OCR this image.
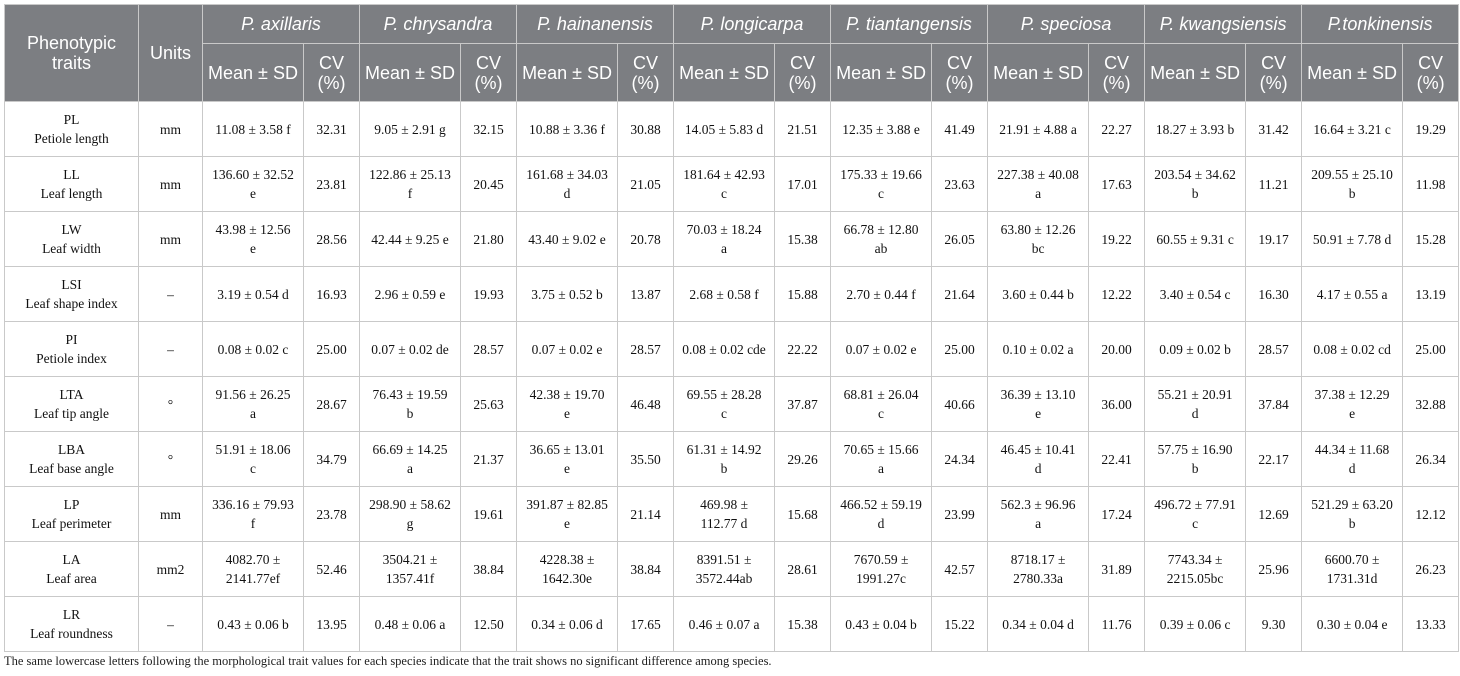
Phenotypic traits	Units	P. axillaris		P. chrysandra		P. hainanensis		P. longicarpa		P. tiantangensis		P. speciosa		P. kwangsiensis		P.tonkinensis	
		Mean ± SD	CV (%)	Mean ± SD	CV (%)	Mean ± SD	CV (%)	Mean ± SD	CV (%)	Mean ± SD	CV (%)	Mean ± SD	CV (%)	Mean ± SD	CV (%)	Mean ± SD	CV (%)

PL
Petiole length	mm	11.08 ± 3.58 f	32.31	9.05 ± 2.91 g	32.15	10.88 ± 3.36 f	30.88	14.05 ± 5.83 d	21.51	12.35 ± 3.88 e	41.49	21.91 ± 4.88 a	22.27	18.27 ± 3.93 b	31.42	16.64 ± 3.21 c	19.29

LL
Leaf length	mm	136.60 ± 32.52 e	23.81	122.86 ± 25.13 f	20.45	161.68 ± 34.03 d	21.05	181.64 ± 42.93 c	17.01	175.33 ± 19.66 c	23.63	227.38 ± 40.08 a	17.63	203.54 ± 34.62 b	11.21	209.55 ± 25.10 b	11.98

LW
Leaf width	mm	43.98 ± 12.56 e	28.56	42.44 ± 9.25 e	21.80	43.40 ± 9.02 e	20.78	70.03 ± 18.24 a	15.38	66.78 ± 12.80 ab	26.05	63.80 ± 12.26 bc	19.22	60.55 ± 9.31 c	19.17	50.91 ± 7.78 d	15.28

LSI
Leaf shape index	–	3.19 ± 0.54 d	16.93	2.96 ± 0.59 e	19.93	3.75 ± 0.52 b	13.87	2.68 ± 0.58 f	15.88	2.70 ± 0.44 f	21.64	3.60 ± 0.44 b	12.22	3.40 ± 0.54 c	16.30	4.17 ± 0.55 a	13.19

PI
Petiole index	–	0.08 ± 0.02 c	25.00	0.07 ± 0.02 de	28.57	0.07 ± 0.02 e	28.57	0.08 ± 0.02 cde	22.22	0.07 ± 0.02 e	25.00	0.10 ± 0.02 a	20.00	0.09 ± 0.02 b	28.57	0.08 ± 0.02 cd	25.00

LTA
Leaf tip angle	°	91.56 ± 26.25 a	28.67	76.43 ± 19.59 b	25.63	42.38 ± 19.70 e	46.48	69.55 ± 28.28 c	37.87	68.81 ± 26.04 c	40.66	36.39 ± 13.10 e	36.00	55.21 ± 20.91 d	37.84	37.38 ± 12.29 e	32.88

LBA
Leaf base angle	°	51.91 ± 18.06 c	34.79	66.69 ± 14.25 a	21.37	36.65 ± 13.01 e	35.50	61.31 ± 14.92 b	29.26	70.65 ± 15.66 a	24.34	46.45 ± 10.41 d	22.41	57.75 ± 16.90 b	22.17	44.34 ± 11.68 d	26.34

LP
Leaf perimeter	mm	336.16 ± 79.93 f	23.78	298.90 ± 58.62 g	19.61	391.87 ± 82.85 e	21.14	469.98 ± 112.77 d	15.68	466.52 ± 59.19 d	23.99	562.3 ± 96.96 a	17.24	496.72 ± 77.91 c	12.69	521.29 ± 63.20 b	12.12

LA
Leaf area	mm2	4082.70 ± 2141.77ef	52.46	3504.21 ± 1357.41f	38.84	4228.38 ± 1642.30e	38.84	8391.51 ± 3572.44ab	28.61	7670.59 ± 1991.27c	42.57	8718.17 ± 2780.33a	31.89	7743.34 ± 2215.05bc	25.96	6600.70 ± 1731.31d	26.23

LR
Leaf roundness	–	0.43 ± 0.06 b	13.95	0.48 ± 0.06 a	12.50	0.34 ± 0.06 d	17.65	0.46 ± 0.07 a	15.38	0.43 ± 0.04 b	15.22	0.34 ± 0.04 d	11.76	0.39 ± 0.06 c	9.30	0.30 ± 0.04 e	13.33
The same lowercase letters following the morphological trait values for each species indicate that the trait shows no significant difference among species.
